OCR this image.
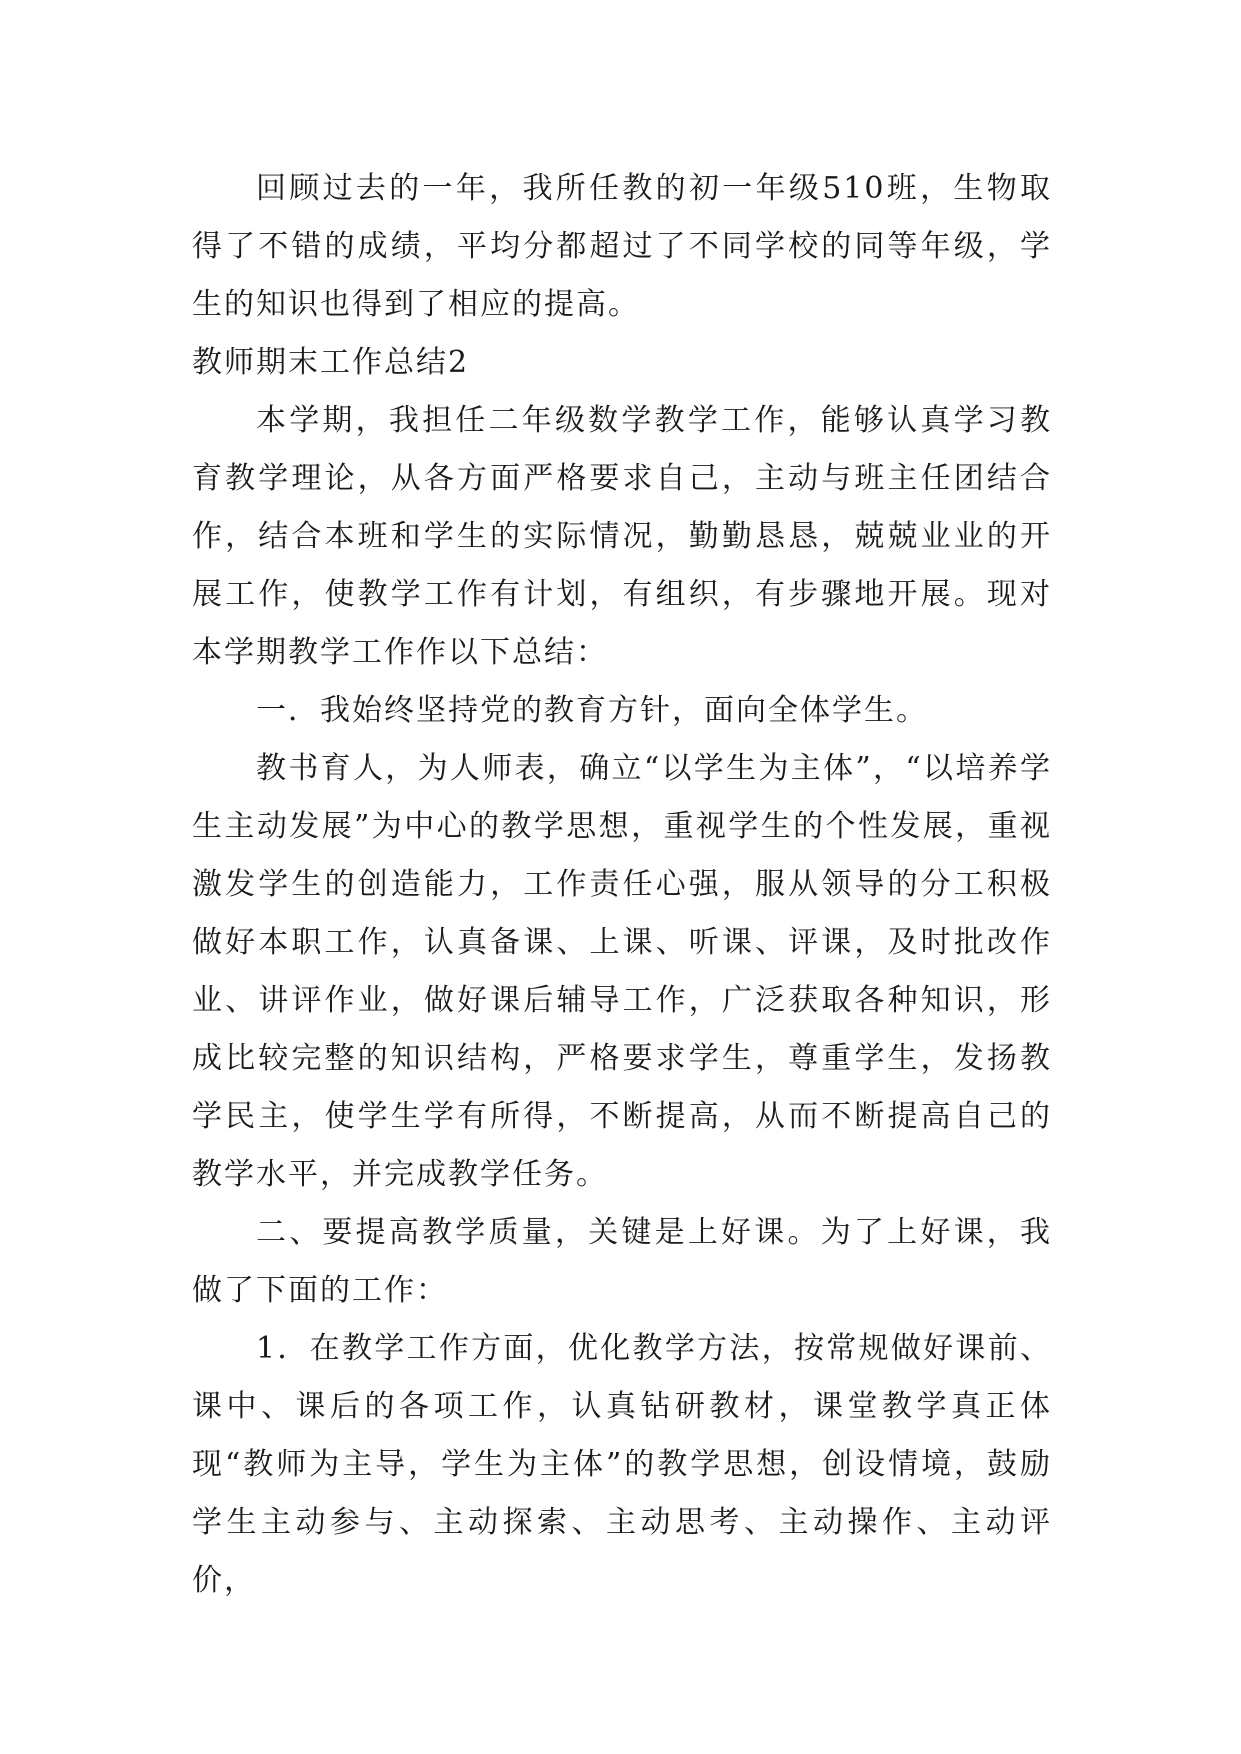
回顾过去的一年，我所任教的初一年级510班，生物取得了不错的成绩，平均分都超过了不同学校的同等年级，学生的知识也得到了相应的提高。

教师期末工作总结2

本学期，我担任二年级数学教学工作，能够认真学习教育教学理论，从各方面严格要求自己，主动与班主任团结合作，结合本班和学生的实际情况，勤勤恳恳，兢兢业业的开展工作，使教学工作有计划，有组织，有步骤地开展。现对本学期教学工作作以下总结：

一．我始终坚持党的教育方针，面向全体学生。

教书育人，为人师表，确立“以学生为主体”，“以培养学生主动发展”为中心的教学思想，重视学生的个性发展，重视激发学生的创造能力，工作责任心强，服从领导的分工积极做好本职工作，认真备课、上课、听课、评课，及时批改作业、讲评作业，做好课后辅导工作，广泛获取各种知识，形成比较完整的知识结构，严格要求学生，尊重学生，发扬教学民主，使学生学有所得，不断提高，从而不断提高自己的教学水平，并完成教学任务。

二、要提高教学质量，关键是上好课。为了上好课，我做了下面的工作：

1．在教学工作方面，优化教学方法，按常规做好课前、课中、课后的各项工作，认真钻研教材，课堂教学真正体现“教师为主导，学生为主体”的教学思想，创设情境，鼓励学生主动参与、主动探索、主动思考、主动操作、主动评价，
